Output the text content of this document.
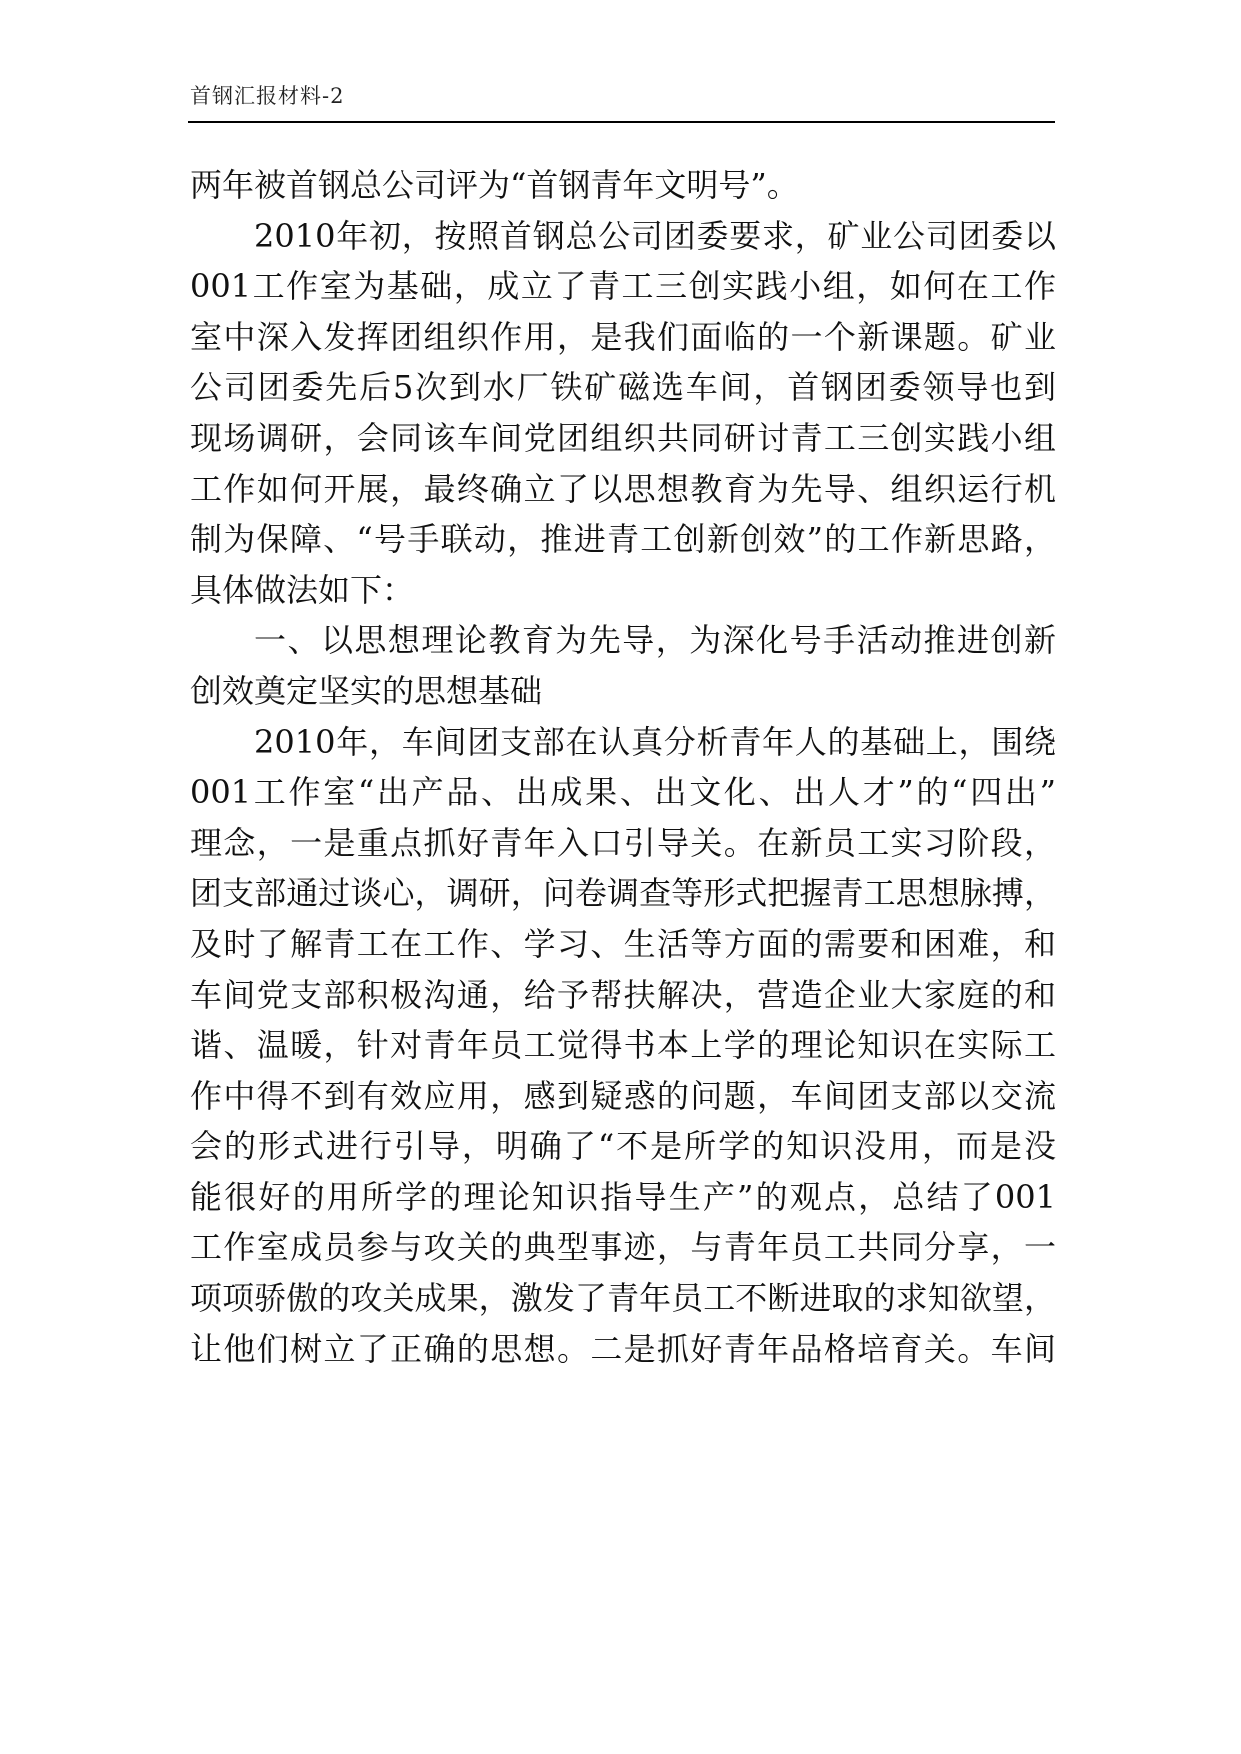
首钢汇报材料-2
两年被首钢总公司评为“首钢青年文明号”。
2010年初，按照首钢总公司团委要求，矿业公司团委以
001工作室为基础，成立了青工三创实践小组，如何在工作
室中深入发挥团组织作用，是我们面临的一个新课题。矿业
公司团委先后5次到水厂铁矿磁选车间，首钢团委领导也到
现场调研，会同该车间党团组织共同研讨青工三创实践小组
工作如何开展，最终确立了以思想教育为先导、组织运行机
制为保障、“号手联动，推进青工创新创效”的工作新思路，
具体做法如下：
一、以思想理论教育为先导，为深化号手活动推进创新
创效奠定坚实的思想基础
2010年，车间团支部在认真分析青年人的基础上，围绕
001工作室“出产品、出成果、出文化、出人才”的“四出”
理念，一是重点抓好青年入口引导关。在新员工实习阶段，
团支部通过谈心，调研，问卷调查等形式把握青工思想脉搏，
及时了解青工在工作、学习、生活等方面的需要和困难，和
车间党支部积极沟通，给予帮扶解决，营造企业大家庭的和
谐、温暖，针对青年员工觉得书本上学的理论知识在实际工
作中得不到有效应用，感到疑惑的问题，车间团支部以交流
会的形式进行引导，明确了“不是所学的知识没用，而是没
能很好的用所学的理论知识指导生产”的观点，总结了001
工作室成员参与攻关的典型事迹，与青年员工共同分享，一
项项骄傲的攻关成果，激发了青年员工不断进取的求知欲望，
让他们树立了正确的思想。二是抓好青年品格培育关。车间
